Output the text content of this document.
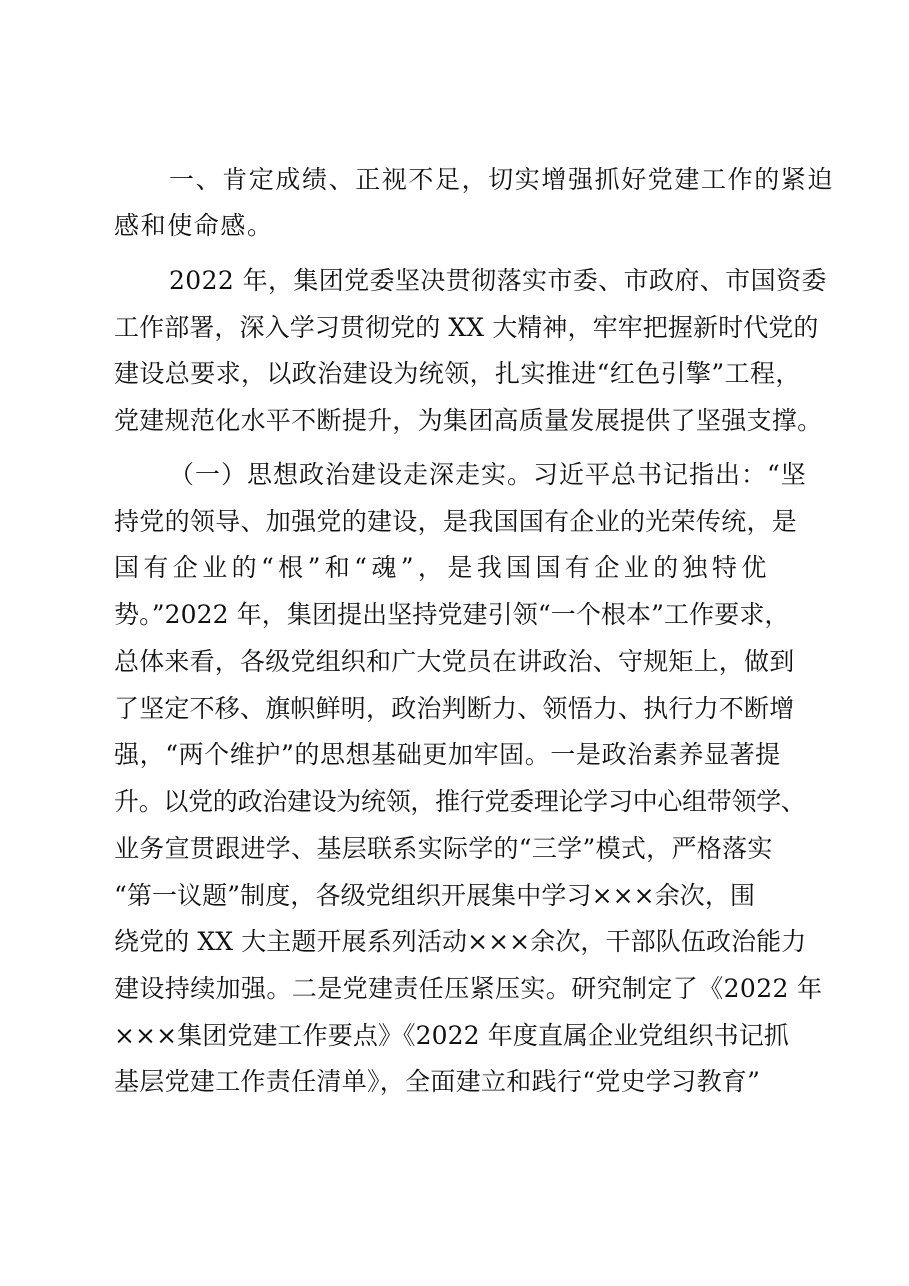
一、肯定成绩、正视不足，切实增强抓好党建工作的紧迫
感和使命感。
2022 年，集团党委坚决贯彻落实市委、市政府、市国资委
工作部署，深入学习贯彻党的 XX 大精神，牢牢把握新时代党的
建设总要求，以政治建设为统领，扎实推进“红色引擎”工程，
党建规范化水平不断提升，为集团高质量发展提供了坚强支撑。
（一）思想政治建设走深走实。习近平总书记指出：“坚
持党的领导、加强党的建设，是我国国有企业的光荣传统，是
国有企业的“根”和“魂”，是我国国有企业的独特优
势。”2022 年，集团提出坚持党建引领“一个根本”工作要求，
总体来看，各级党组织和广大党员在讲政治、守规矩上，做到
了坚定不移、旗帜鲜明，政治判断力、领悟力、执行力不断增
强，“两个维护”的思想基础更加牢固。一是政治素养显著提
升。以党的政治建设为统领，推行党委理论学习中心组带领学、
业务宣贯跟进学、基层联系实际学的“三学”模式，严格落实
“第一议题”制度，各级党组织开展集中学习×××余次，围
绕党的 XX 大主题开展系列活动×××余次，干部队伍政治能力
建设持续加强。二是党建责任压紧压实。研究制定了《2022 年
×××集团党建工作要点》《2022 年度直属企业党组织书记抓
基层党建工作责任清单》，全面建立和践行“党史学习教育”
